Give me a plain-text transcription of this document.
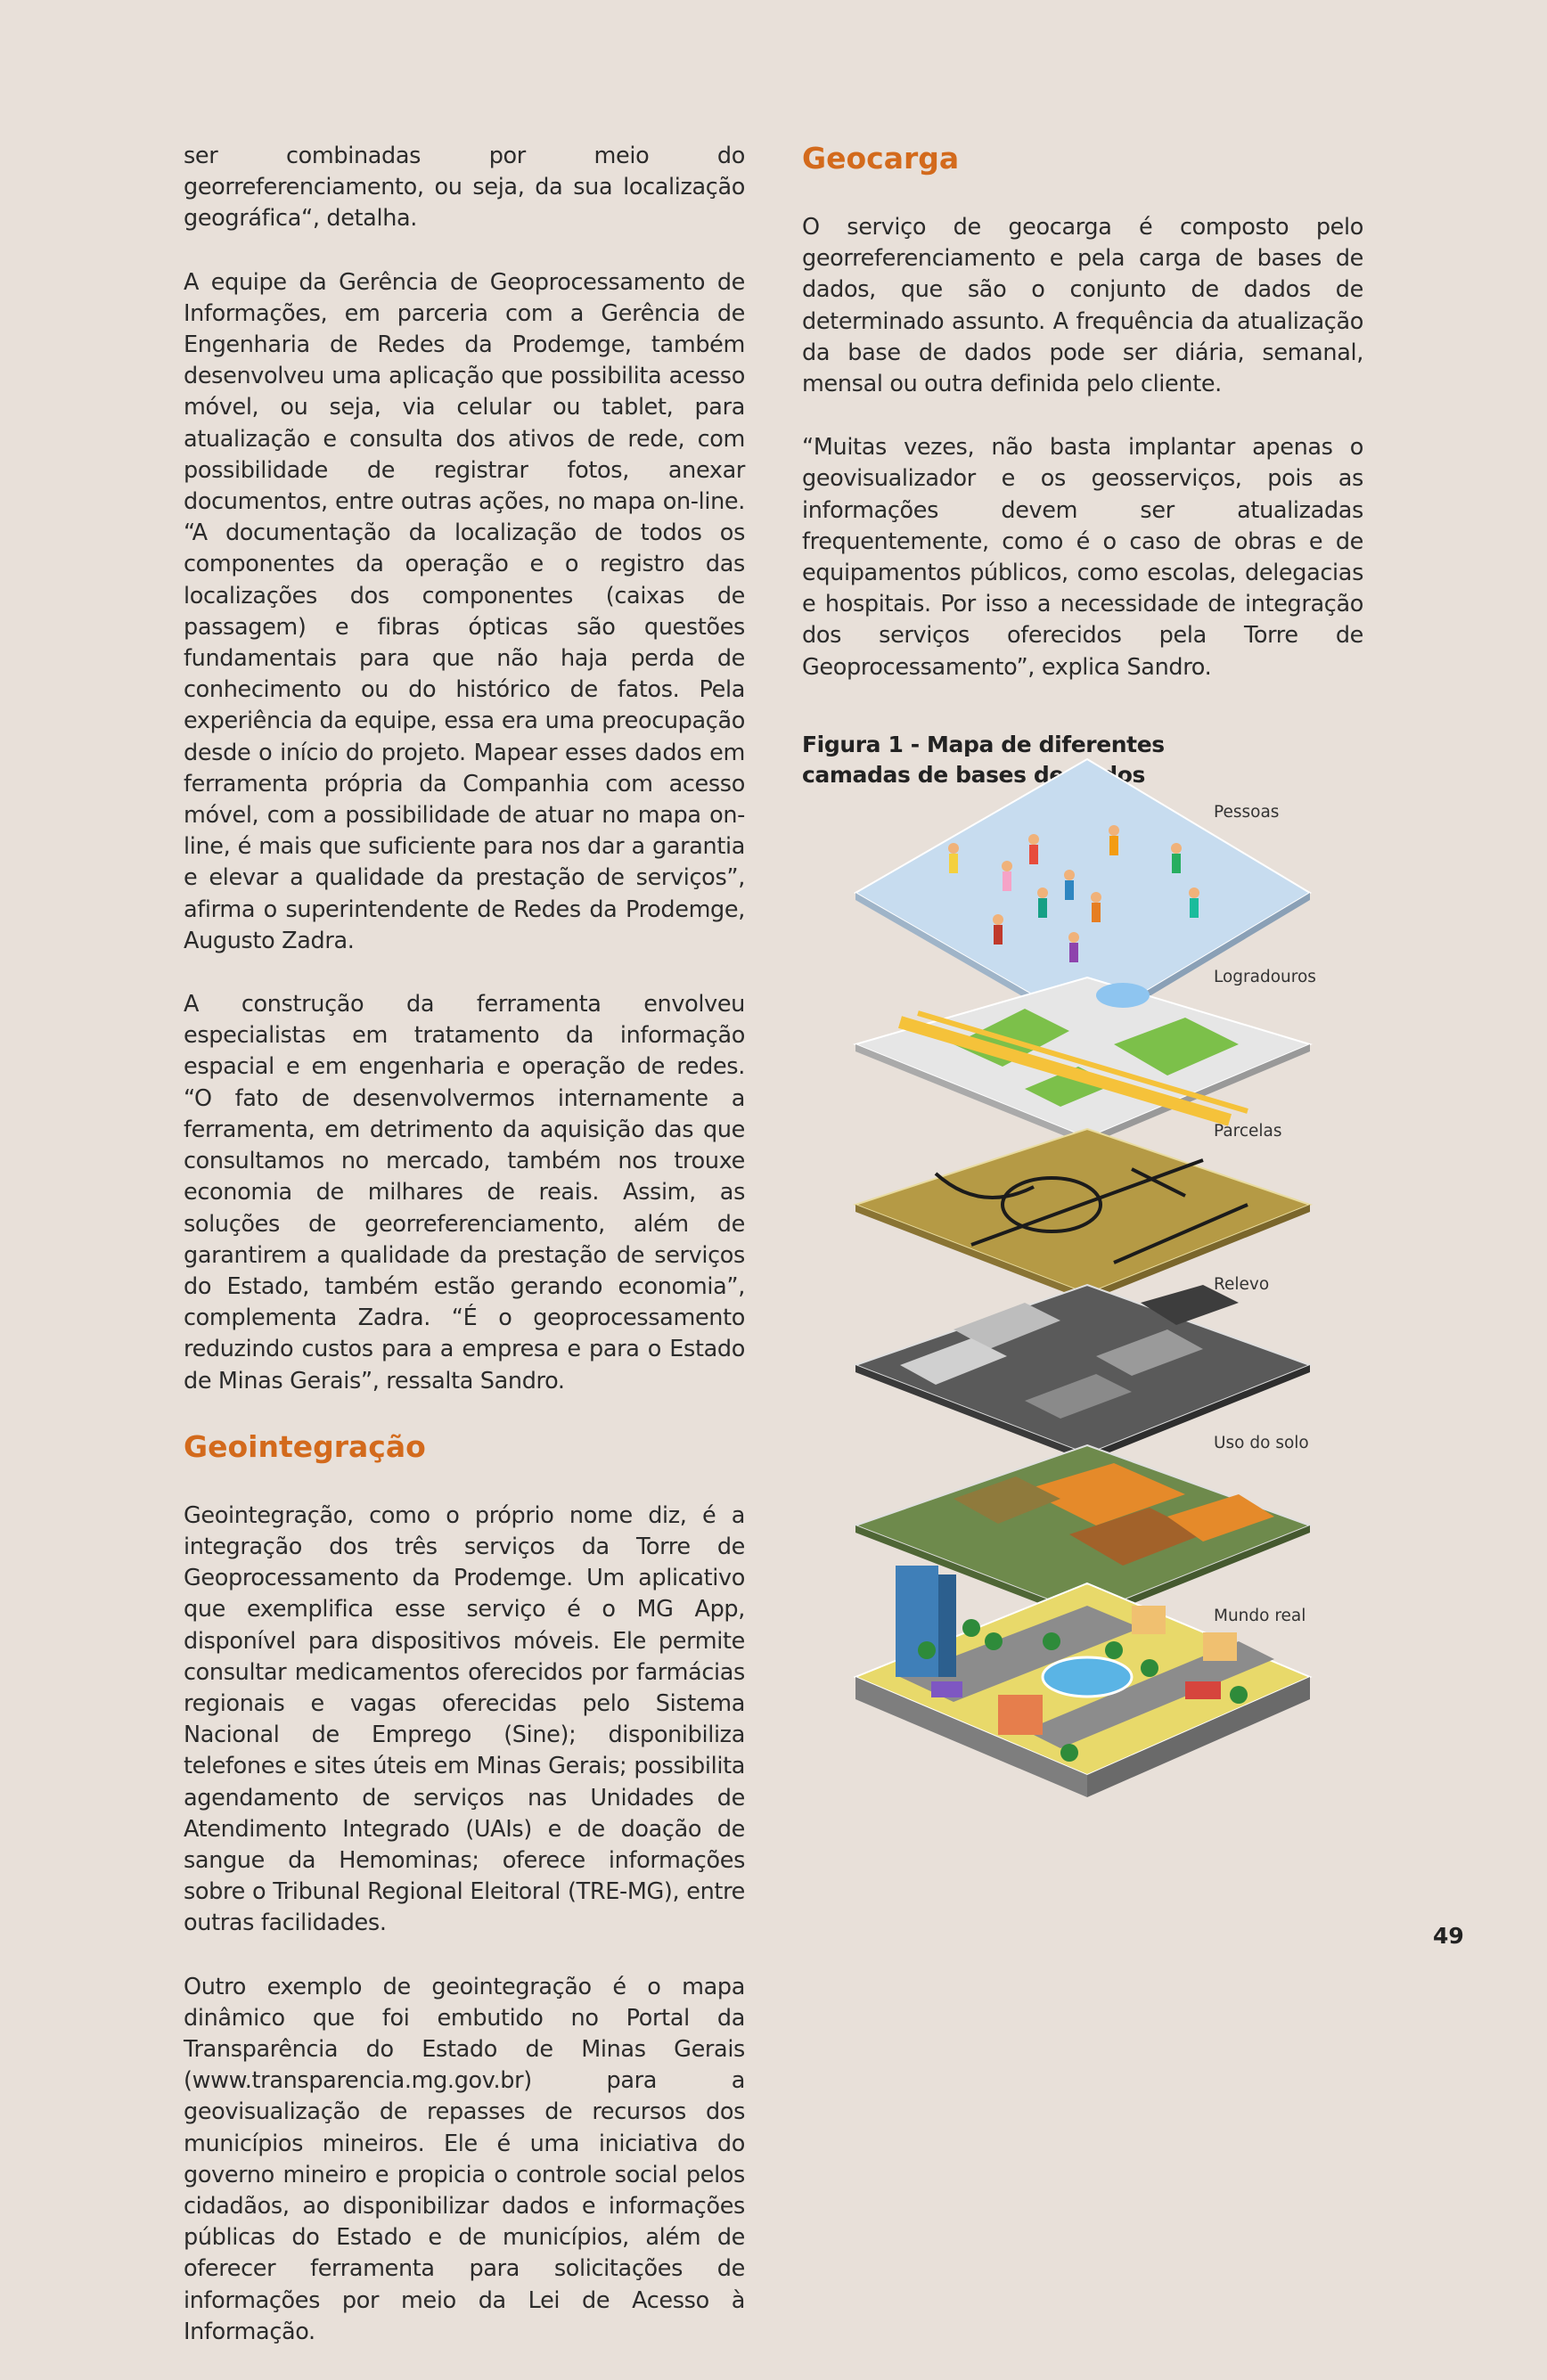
ser combinadas por meio do georreferenciamento, ou seja, da sua localização geográfica“, detalha.

A equipe da Gerência de Geoprocessamento de Informações, em parceria com a Gerência de Engenharia de Redes da Prodemge, também desenvolveu uma aplicação que possibilita acesso móvel, ou seja, via celular ou tablet, para atualização e consulta dos ativos de rede, com possibilidade de registrar fotos, anexar documentos, entre outras ações, no mapa on-line. “A documentação da localização de todos os componentes da operação e o registro das localizações dos componentes (caixas de passagem) e fibras ópticas são questões fundamentais para que não haja perda de conhecimento ou do histórico de fatos. Pela experiência da equipe, essa era uma preocupação desde o início do projeto. Mapear esses dados em ferramenta própria da Companhia com acesso móvel, com a possibilidade de atuar no mapa on-line, é mais que suficiente para nos dar a garantia e elevar a qualidade da prestação de serviços”, afirma o superintendente de Redes da Prodemge, Augusto Zadra.

A construção da ferramenta envolveu especialistas em tratamento da informação espacial e em engenharia e operação de redes. “O fato de desenvolvermos internamente a ferramenta, em detrimento da aquisição das que consultamos no mercado, também nos trouxe economia de milhares de reais. Assim, as soluções de georreferenciamento, além de garantirem a qualidade da prestação de serviços do Estado, também estão gerando economia”, complementa Zadra. “É o geoprocessamento reduzindo custos para a empresa e para o Estado de Minas Gerais”, ressalta Sandro.

Geointegração

Geointegração, como o próprio nome diz, é a integração dos três serviços da Torre de Geoprocessamento da Prodemge. Um aplicativo que exemplifica esse serviço é o MG App, disponível para dispositivos móveis. Ele permite consultar medicamentos oferecidos por farmácias regionais e vagas oferecidas pelo Sistema Nacional de Emprego (Sine); disponibiliza telefones e sites úteis em Minas Gerais; possibilita agendamento de serviços nas Unidades de Atendimento Integrado (UAIs) e de doação de sangue da Hemominas; oferece informações sobre o Tribunal Regional Eleitoral (TRE-MG), entre outras facilidades.

Outro exemplo de geointegração é o mapa dinâmico que foi embutido no Portal da Transparência do Estado de Minas Gerais (www.transparencia.mg.gov.br) para a geovisualização de repasses de recursos dos municípios mineiros. Ele é uma iniciativa do governo mineiro e propicia o controle social pelos cidadãos, ao disponibilizar dados e informações públicas do Estado e de municípios, além de oferecer ferramenta para solicitações de informações por meio da Lei de Acesso à Informação.

Geocarga

O serviço de geocarga é composto pelo georreferenciamento e pela carga de bases de dados, que são o conjunto de dados de determinado assunto. A frequência da atualização da base de dados pode ser diária, semanal, mensal ou outra definida pelo cliente.

“Muitas vezes, não basta implantar apenas o geovisualizador e os geosserviços, pois as informações devem ser atualizadas frequentemente, como é o caso de obras e de equipamentos públicos, como escolas, delegacias e hospitais. Por isso a necessidade de integração dos serviços oferecidos pela Torre de Geoprocessamento”, explica Sandro.

Figura 1 - Mapa de diferentes
camadas de bases de dados

Pessoas
Logradouros
Parcelas
Relevo
Uso do solo
Mundo real
49
